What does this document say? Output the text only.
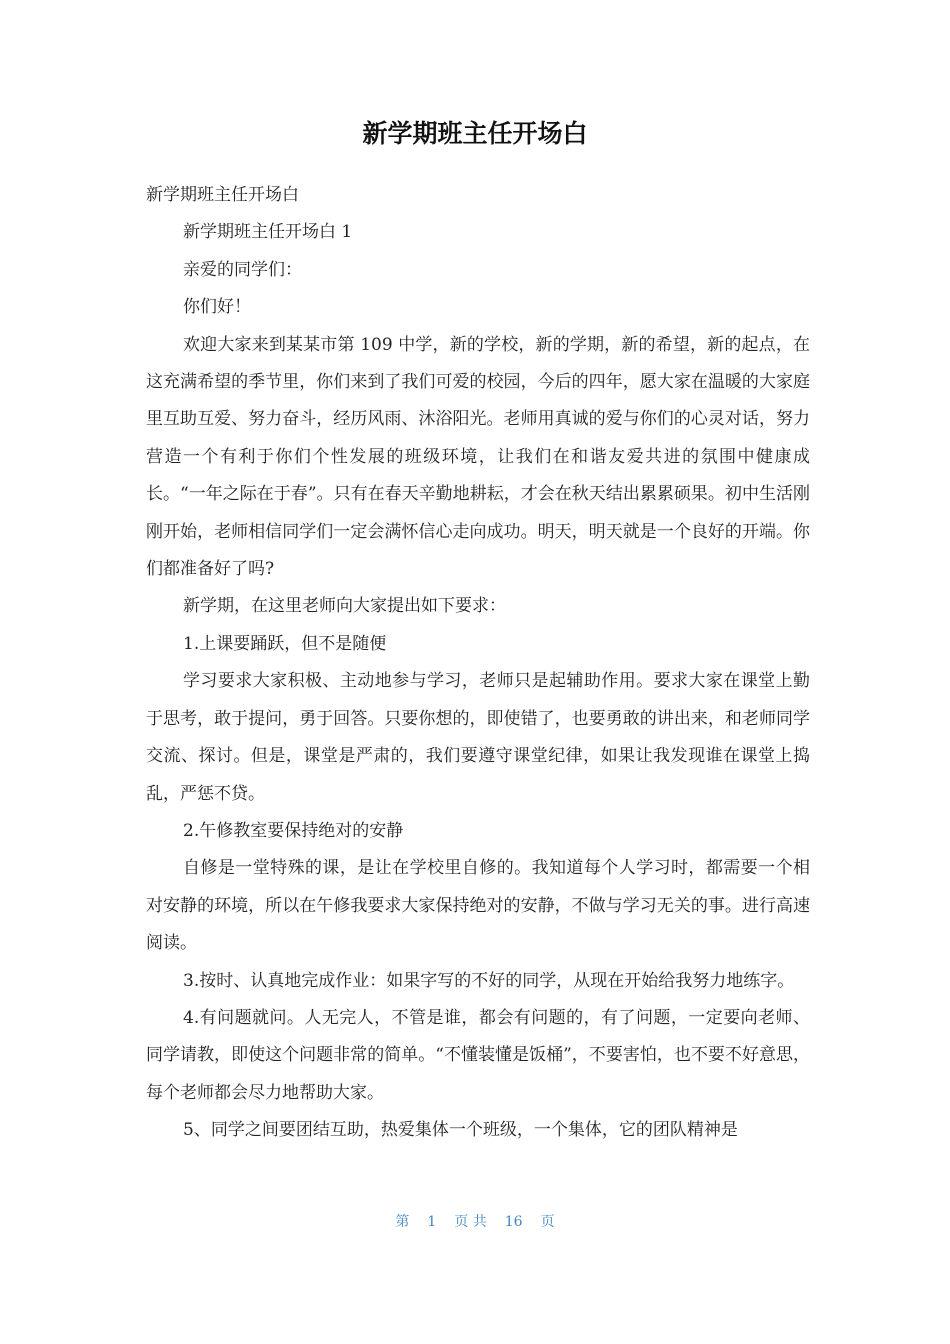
新学期班主任开场白

新学期班主任开场白

新学期班主任开场白 1

亲爱的同学们：

你们好！

欢迎大家来到某某市第 109 中学，新的学校，新的学期，新的希望，新的起点，在这充满希望的季节里，你们来到了我们可爱的校园，今后的四年，愿大家在温暖的大家庭里互助互爱、努力奋斗，经历风雨、沐浴阳光。老师用真诚的爱与你们的心灵对话，努力营造一个有利于你们个性发展的班级环境，让我们在和谐友爱共进的氛围中健康成长。“一年之际在于春”。只有在春天辛勤地耕耘，才会在秋天结出累累硕果。初中生活刚刚开始，老师相信同学们一定会满怀信心走向成功。明天，明天就是一个良好的开端。你们都准备好了吗?

新学期，在这里老师向大家提出如下要求：

1.上课要踊跃，但不是随便

学习要求大家积极、主动地参与学习，老师只是起辅助作用。要求大家在课堂上勤于思考，敢于提问，勇于回答。只要你想的，即使错了，也要勇敢的讲出来，和老师同学交流、探讨。但是，课堂是严肃的，我们要遵守课堂纪律，如果让我发现谁在课堂上捣乱，严惩不贷。

2.午修教室要保持绝对的安静

自修是一堂特殊的课，是让在学校里自修的。我知道每个人学习时，都需要一个相对安静的环境，所以在午修我要求大家保持绝对的安静，不做与学习无关的事。进行高速阅读。

3.按时、认真地完成作业：如果字写的不好的同学，从现在开始给我努力地练字。

4.有问题就问。人无完人，不管是谁，都会有问题的，有了问题，一定要向老师、同学请教，即使这个问题非常的简单。“不懂装懂是饭桶”，不要害怕，也不要不好意思，每个老师都会尽力地帮助大家。

5、同学之间要团结互助，热爱集体一个班级，一个集体，它的团队精神是

第 1 页 共 16 页
